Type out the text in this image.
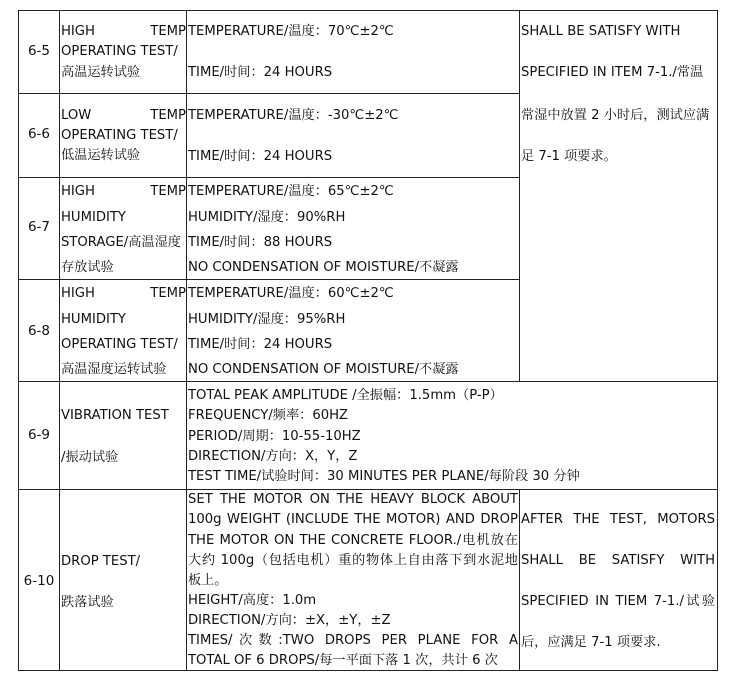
6-5
HIGH TEMP
OPERATING TEST/
高温运转试验
TEMPERATURE/温度：70℃±2℃
TIME/时间：24 HOURS
6-6
LOW TEMP
OPERATING TEST/
低温运转试验
TEMPERATURE/温度：-30℃±2℃
TIME/时间：24 HOURS
6-7
HIGH TEMP
HUMIDITY
STORAGE/高温湿度
存放试验
TEMPERATURE/温度：65℃±2℃
HUMIDITY/湿度：90%RH
TIME/时间：88 HOURS
NO CONDENSATION OF MOISTURE/不凝露
6-8
HIGH TEMP
HUMIDITY
OPERATING TEST/
高温湿度运转试验
TEMPERATURE/温度：60℃±2℃
HUMIDITY/湿度：95%RH
TIME/时间：24 HOURS
NO CONDENSATION OF MOISTURE/不凝露
6-9
VIBRATION TEST
/振动试验
TOTAL PEAK AMPLITUDE /全振幅：1.5mm（P-P）
FREQUENCY/频率：60HZ
PERIOD/周期：10-55-10HZ
DIRECTION/方向：X，Y，Z
TEST TIME/试验时间：30 MINUTES PER PLANE/每阶段 30 分钟
6-10
DROP TEST/
跌落试验
SET THE MOTOR ON THE HEAVY BLOCK ABOUT
100g WEIGHT (INCLUDE THE MOTOR) AND DROP
THE MOTOR ON THE CONCRETE FLOOR./电机放在
大约 100g（包括电机）重的物体上自由落下到水泥地
板上。
HEIGHT/高度：1.0m
DIRECTION/方向：±X，±Y，±Z
TIMES/次数:TWO DROPS PER PLANE FOR A
TOTAL OF 6 DROPS/每一平面下落 1 次，共计 6 次
SHALL BE SATISFY WITH
SPECIFIED IN ITEM 7-1./常温
常湿中放置 2 小时后，测试应满
足 7-1 项要求。
AFTER THE TEST, MOTORS
SHALL BE SATISFY WITH
SPECIFIED IN TIEM 7-1./试验
后，应满足 7-1 项要求.
